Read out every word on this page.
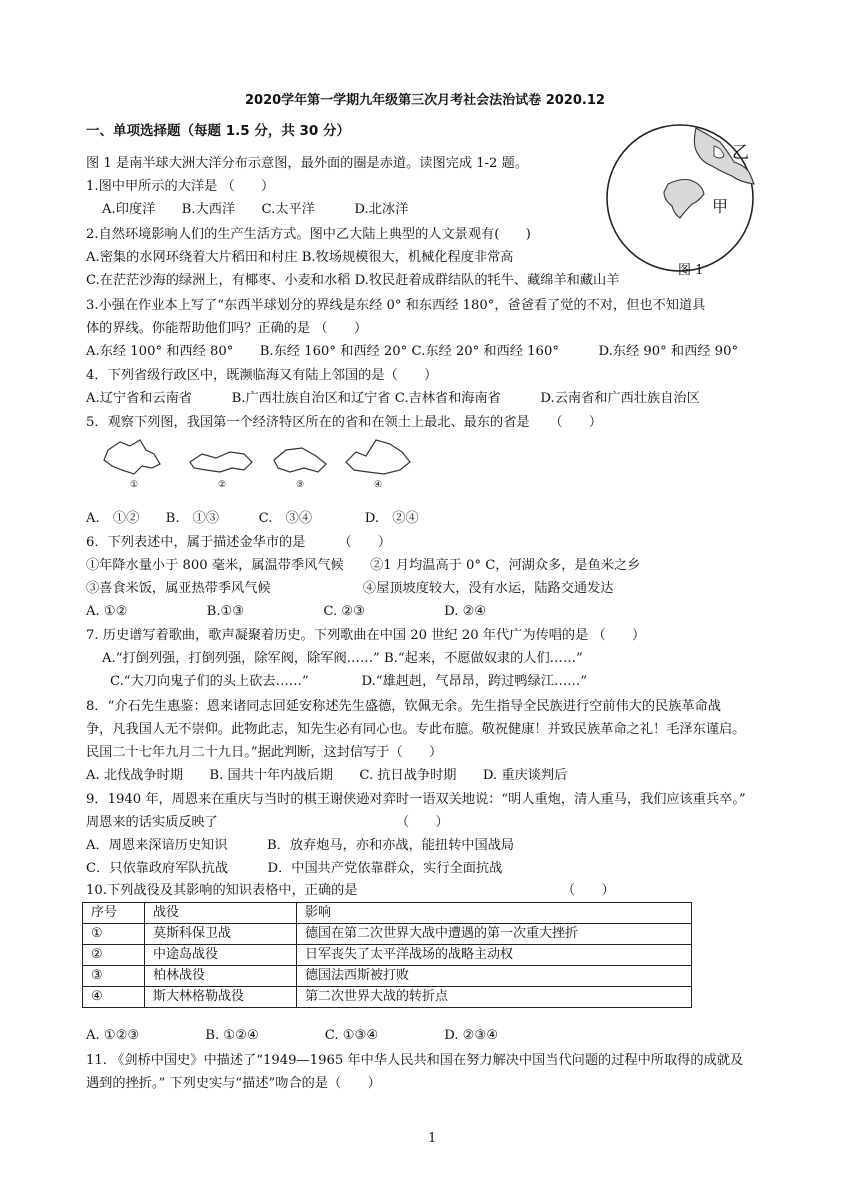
2020学年第一学期九年级第三次月考社会法治试卷 2020.12
一、单项选择题（每题 1.5 分，共 30 分）
图 1 是南半球大洲大洋分布示意图，最外面的圈是赤道。读图完成 1-2 题。
乙
甲
图 1
1.图中甲所示的大洋是 （　　）
A.印度洋　　B.大西洋　　C.太平洋　　　D.北冰洋
2.自然环境影响人们的生产生活方式。图中乙大陆上典型的人文景观有(　　)
A.密集的水网环绕着大片稻田和村庄 B.牧场规模很大，机械化程度非常高
C.在茫茫沙海的绿洲上，有椰枣、小麦和水稻 D.牧民赶着成群结队的牦牛、藏绵羊和藏山羊
3.小强在作业本上写了“东西半球划分的界线是东经 0° 和东西经 180°，爸爸看了觉的不对，但也不知道具
体的界线。你能帮助他们吗？正确的是 （　　）
A.东经 100° 和西经 80°　　B.东经 160° 和西经 20° C.东经 20° 和西经 160°　　　D.东经 90° 和西经 90°
4．下列省级行政区中，既濒临海又有陆上邻国的是（　　）
A.辽宁省和云南省　　　B.广西壮族自治区和辽宁省 C.吉林省和海南省　　　D.云南省和广西壮族自治区
5．观察下列图，我国第一个经济特区所在的省和在领土上最北、最东的省是　　（　　）
①	②	③	④
A.　①②　　B.　①③　　　C.　③④　　　　D.　②④
6．下列表述中，属于描述金华市的是　　　（　　）
①年降水量小于 800 毫米，属温带季风气候　　②1 月均温高于 0° C，河湖众多，是鱼米之乡
③喜食米饭，属亚热带季风气候　　　　　　　④屋顶坡度较大，没有水运，陆路交通发达
A. ①②　　　　　　B.①③　　　　　　C. ②③　　　　　　D. ②④
7. 历史谱写着歌曲，歌声凝聚着历史。下列歌曲在中国 20 世纪 20 年代广为传唱的是 （　　）
A.“打倒列强，打倒列强，除军阀，除军阀……” B.“起来，不愿做奴隶的人们……”
C.“大刀向鬼子们的头上砍去……”　　　　D.“雄赳赳，气昂昂，跨过鸭绿江……”
8．“介石先生惠鉴：恩来诸同志回延安称述先生盛德，钦佩无余。先生指导全民族进行空前伟大的民族革命战
争，凡我国人无不崇仰。此物此志，知先生必有同心也。专此布臆。敬祝健康！并致民族革命之礼！毛泽东谨启。
民国二十七年九月二十九日。”据此判断，这封信写于（　　）
A. 北伐战争时期　　B. 国共十年内战后期　　C. 抗日战争时期　　D. 重庆谈判后
9．1940 年，周恩来在重庆与当时的棋王谢侠逊对弈时一语双关地说：“明人重炮，清人重马，我们应该重兵卒。”
周恩来的话实质反映了　　　　　　　　　　　　　　（　　）
A．周恩来深谙历史知识　　　B．放弃炮马，亦和亦战，能扭转中国战局
C．只依靠政府军队抗战　　　D．中国共产党依靠群众，实行全面抗战
10.下列战役及其影响的知识表格中，正确的是　　　　　　　　　　　　　　　　（　　）
序号	战役	影响
①	莫斯科保卫战	德国在第二次世界大战中遭遇的第一次重大挫折
②	中途岛战役	日军丧失了太平洋战场的战略主动权
③	柏林战役	德国法西斯被打败
④	斯大林格勒战役	第二次世界大战的转折点
A. ①②③　　　　　B. ①②④　　　　　C. ①③④　　　　　D. ②③④
11. 《剑桥中国史》中描述了“1949—1965 年中华人民共和国在努力解决中国当代问题的过程中所取得的成就及
遇到的挫折。” 下列史实与“描述”吻合的是（　　）
1
